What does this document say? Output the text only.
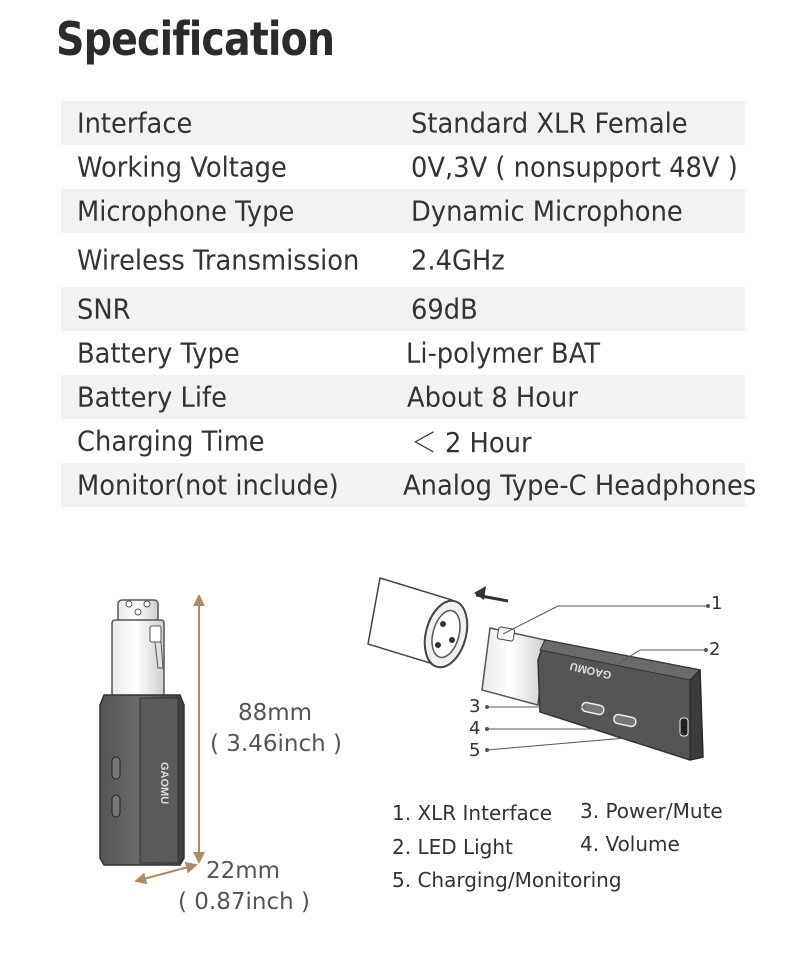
Specification
Interface	Standard XLR Female
Working Voltage	0V,3V ( nonsupport 48V )
Microphone Type	Dynamic Microphone
Wireless Transmission 2.4GHz
SNR	69dB
Battery Type	Li-polymer BAT
Battery Life	About 8 Hour
Charging Time	＜ 2 Hour
Monitor(not include) Analog Type-C Headphones
GAOMU
GAOMU
1
2
3
4
5
88mm
( 3.46inch )
22mm
( 0.87inch )
1. XLR Interface 3. Power/Mute
2. LED Light	4. Volume
5. Charging/Monitoring
